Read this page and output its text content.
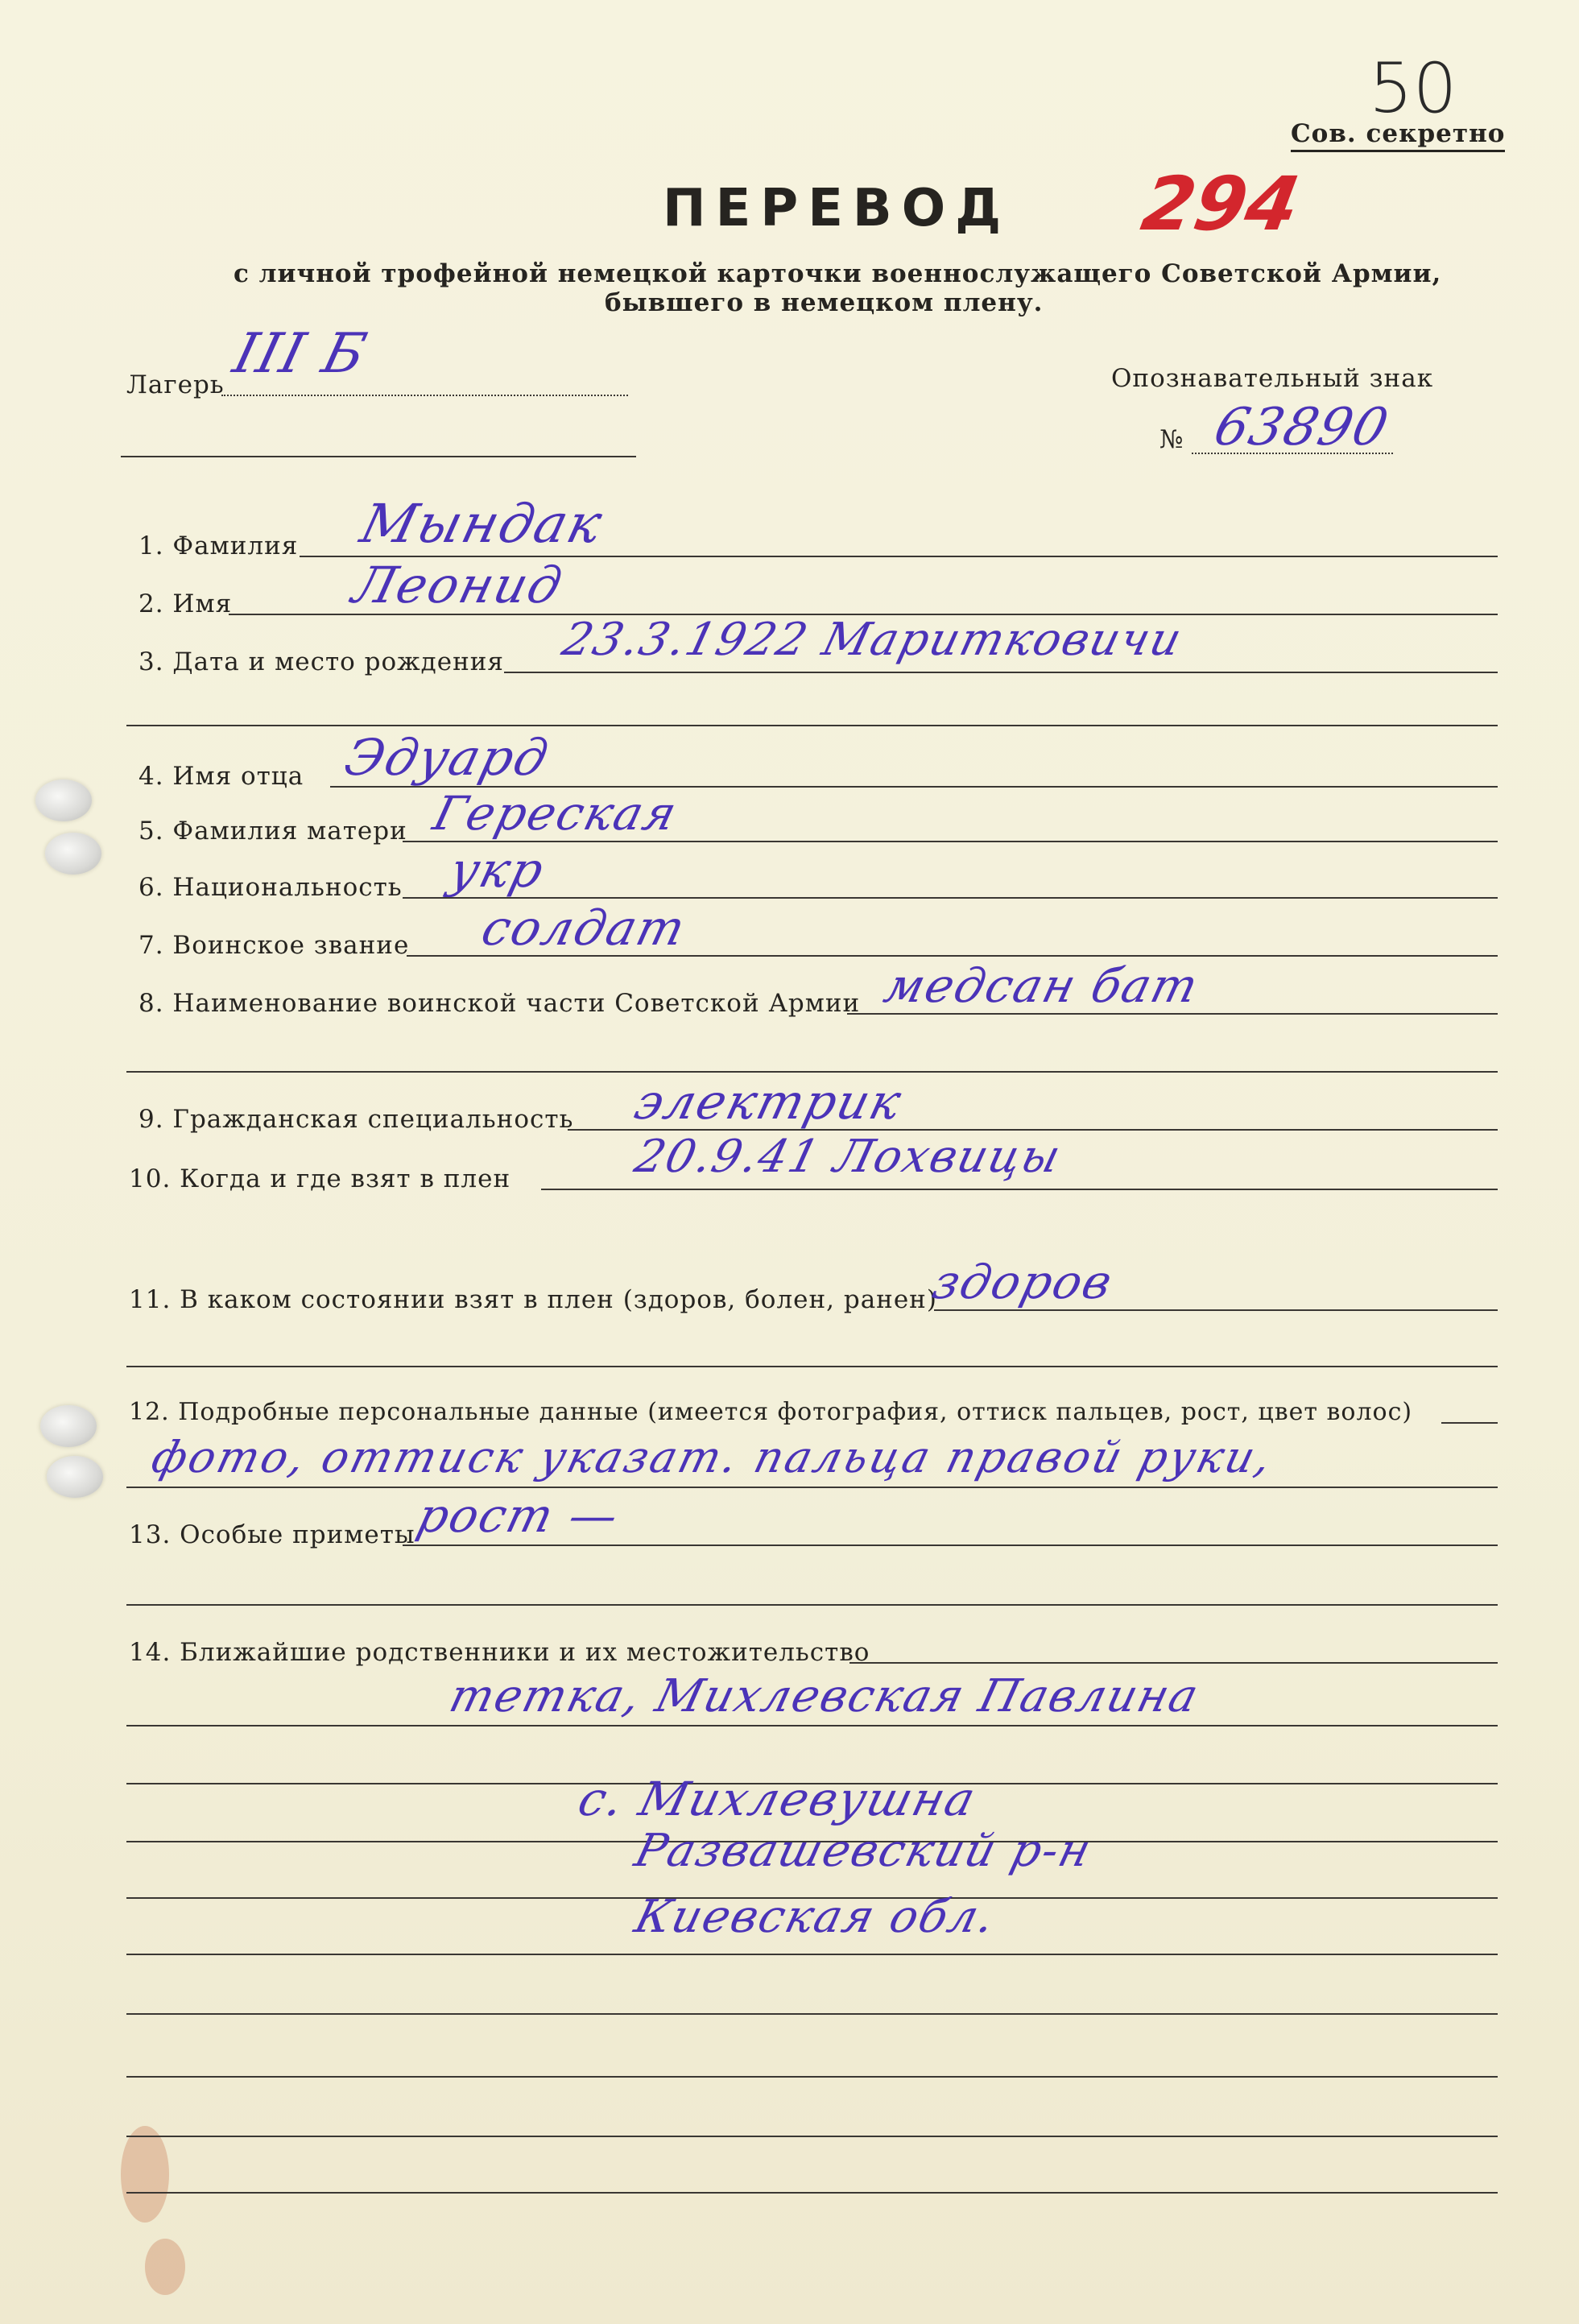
50
Сов. секретно
294
ПЕРЕВОД
с личной трофейной немецкой карточки военнослужащего Советской Армии,
бывшего в немецком плену.
Лагерь III Б	Опознавательный знак
№ 63890
1. Фамилия Мындак
2. Имя Леонид
3. Дата и место рождения 23.3.1922 Маритковичи
4. Имя отца Эдуард
5. Фамилия матери Гереская
6. Национальность укр
7. Воинское звание солдат
8. Наименование воинской части Советской Армии медсан бат
9. Гражданская специальность электрик
10. Когда и где взят в плен	20.9.41 Лохвицы
11. В каком состоянии взят в плен (здоров, болен, ранен)
здоров
12. Подробные персональные данные (имеется фотография, оттиск пальцев, рост, цвет волос)
фото, оттиск указат. пальца правой руки,
13. Особые приметы
рост —
14. Ближайшие родственники и их местожительство
тетка, Михлевская Павлина
с. Михлевушна
Развашевский р-н
Киевская обл.
